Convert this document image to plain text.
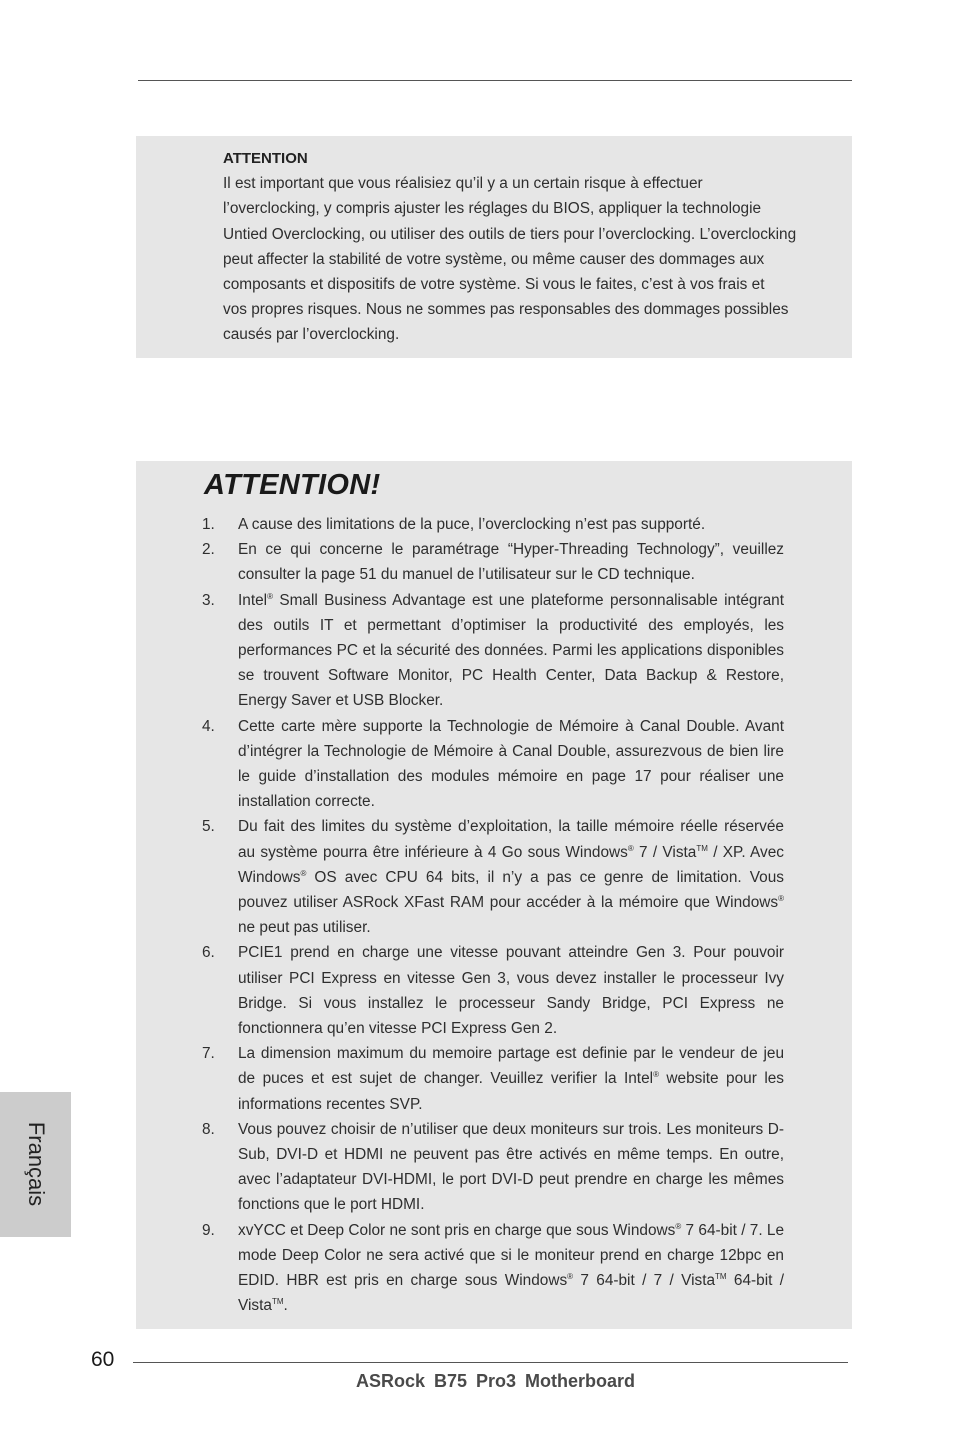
ATTENTION
Il est important que vous réalisiez qu’il y a un certain risque à effectuer
l’overclocking, y compris ajuster les réglages du BIOS, appliquer la technologie
Untied Overclocking, ou utiliser des outils de tiers pour l’overclocking. L’overclocking
peut affecter la stabilité de votre système, ou même causer des dommages aux
composants et dispositifs de votre système. Si vous le faites, c’est à vos frais et
vos propres risques. Nous ne sommes pas responsables des dommages possibles
causés par l’overclocking.
ATTENTION!
1. A cause des limitations de la puce, l’overclocking n’est pas supporté.
2. En ce qui concerne le paramétrage “Hyper-Threading Technology”, veuillez consulter la page 51 du manuel de l’utilisateur sur le CD technique.
3. Intel® Small Business Advantage est une plateforme personnalisable intégrant des outils IT et permettant d’optimiser la productivité des employés, les performances PC et la sécurité des données. Parmi les applications disponibles se trouvent Software Monitor, PC Health Center, Data Backup & Restore, Energy Saver et USB Blocker.
4. Cette carte mère supporte la Technologie de Mémoire à Canal Double. Avant d’intégrer la Technologie de Mémoire à Canal Double, assurezvous de bien lire le guide d’installation des modules mémoire en page 17 pour réaliser une installation correcte.
5. Du fait des limites du système d’exploitation, la taille mémoire réelle réservée au système pourra être inférieure à 4 Go sous Windows® 7 / Vista™ / XP. Avec Windows® OS avec CPU 64 bits, il n’y a pas ce genre de limitation. Vous pouvez utiliser ASRock XFast RAM pour accéder à la mémoire que Windows® ne peut pas utiliser.
6. PCIE1 prend en charge une vitesse pouvant atteindre Gen 3. Pour pouvoir utiliser PCI Express en vitesse Gen 3, vous devez installer le processeur Ivy Bridge. Si vous installez le processeur Sandy Bridge, PCI Express ne fonctionnera qu’en vitesse PCI Express Gen 2.
7. La dimension maximum du memoire partage est definie par le vendeur de jeu de puces et est sujet de changer. Veuillez verifier la Intel® website pour les informations recentes SVP.
8. Vous pouvez choisir de n’utiliser que deux moniteurs sur trois. Les moniteurs D-Sub, DVI-D et HDMI ne peuvent pas être activés en même temps. En outre, avec l’adaptateur DVI-HDMI, le port DVI-D peut prendre en charge les mêmes fonctions que le port HDMI.
9. xvYCC et Deep Color ne sont pris en charge que sous Windows® 7 64-bit / 7. Le mode Deep Color ne sera activé que si le moniteur prend en charge 12bpc en EDID. HBR est pris en charge sous Windows® 7 64-bit / 7 / Vista™ 64-bit / Vista™.
Français
60
ASRock B75 Pro3 Motherboard
